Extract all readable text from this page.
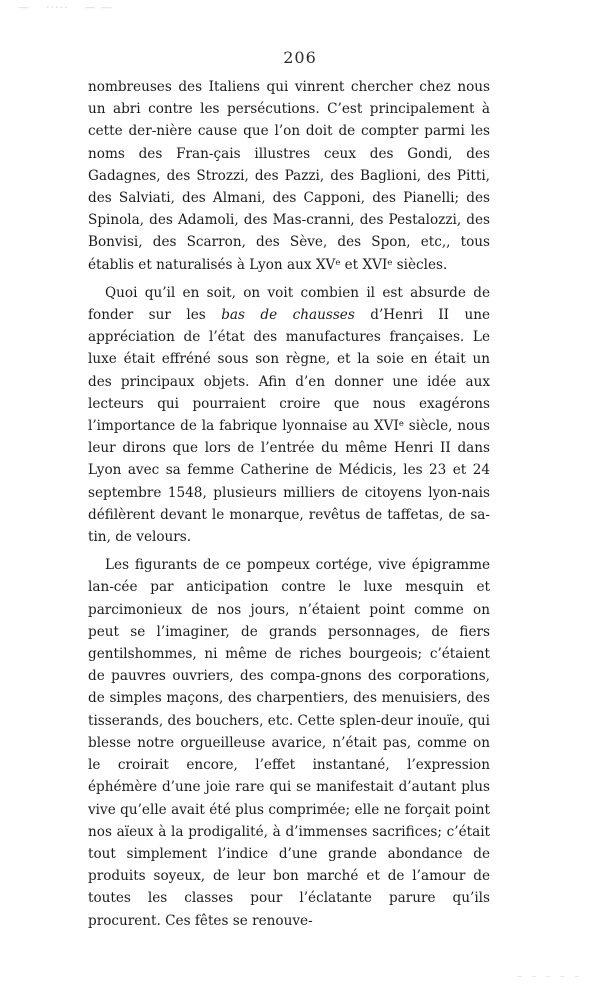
— ····· — —
206

nombreuses des Italiens qui vinrent chercher chez nous un abri contre les persécutions. C’est principalement à cette der-nière cause que l’on doit de compter parmi les noms des Fran-çais illustres ceux des Gondi, des Gadagnes, des Strozzi, des Pazzi, des Baglioni, des Pitti, des Salviati, des Almani, des Capponi, des Pianelli; des Spinola, des Adamoli, des Mas-cranni, des Pestalozzi, des Bonvisi, des Scarron, des Sève, des Spon, etc,, tous établis et naturalisés à Lyon aux XVe et XVIe siècles.

Quoi qu’il en soit, on voit combien il est absurde de fonder sur les bas de chausses d’Henri II une appréciation de l’état des manufactures françaises. Le luxe était effréné sous son règne, et la soie en était un des principaux objets. Afin d’en donner une idée aux lecteurs qui pourraient croire que nous exagérons l’importance de la fabrique lyonnaise au XVIe siècle, nous leur dirons que lors de l’entrée du même Henri II dans Lyon avec sa femme Catherine de Médicis, les 23 et 24 septembre 1548, plusieurs milliers de citoyens lyon-nais défilèrent devant le monarque, revêtus de taffetas, de sa-tin, de velours.

Les figurants de ce pompeux cortége, vive épigramme lan-cée par anticipation contre le luxe mesquin et parcimonieux de nos jours, n’étaient point comme on peut se l’imaginer, de grands personnages, de fiers gentilshommes, ni même de riches bourgeois; c’étaient de pauvres ouvriers, des compa-gnons des corporations, de simples maçons, des charpentiers, des menuisiers, des tisserands, des bouchers, etc. Cette splen-deur inouïe, qui blesse notre orgueilleuse avarice, n’était pas, comme on le croirait encore, l’effet instantané, l’expression éphémère d’une joie rare qui se manifestait d’autant plus vive qu’elle avait été plus comprimée; elle ne forçait point nos aïeux à la prodigalité, à d’immenses sacrifices; c’était tout simplement l’indice d’une grande abondance de produits soyeux, de leur bon marché et de l’amour de toutes les classes pour l’éclatante parure qu’ils procurent. Ces fêtes se renouve-

– – – – –
